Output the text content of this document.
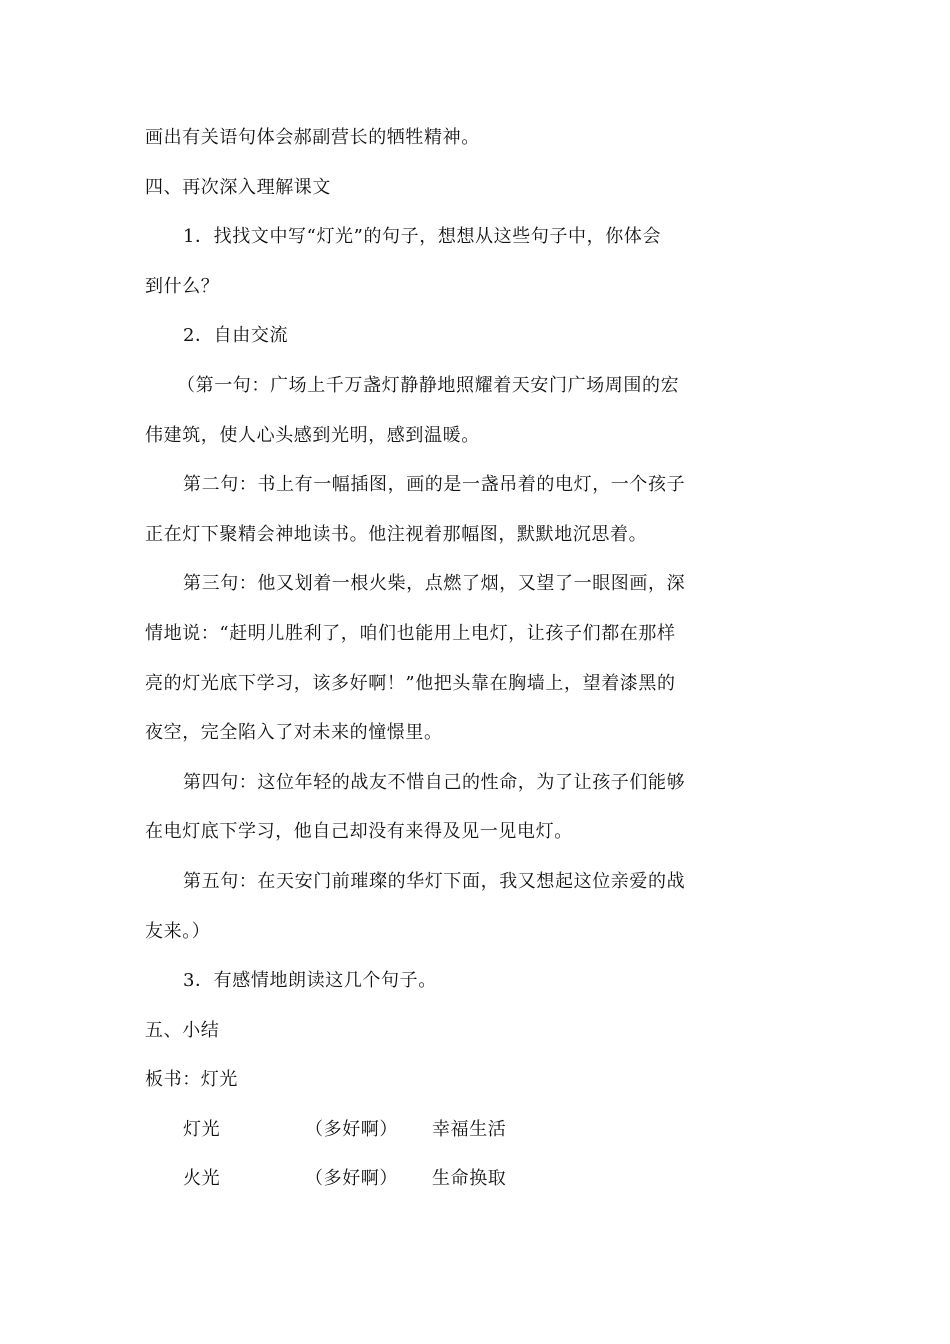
画出有关语句体会郝副营长的牺牲精神。
四、再次深入理解课文
1．找找文中写“灯光”的句子，想想从这些句子中，你体会
到什么？
2．自由交流
（第一句：广场上千万盏灯静静地照耀着天安门广场周围的宏
伟建筑，使人心头感到光明，感到温暖。
第二句：书上有一幅插图，画的是一盏吊着的电灯，一个孩子
正在灯下聚精会神地读书。他注视着那幅图，默默地沉思着。
第三句：他又划着一根火柴，点燃了烟，又望了一眼图画，深
情地说：“赶明儿胜利了，咱们也能用上电灯，让孩子们都在那样
亮的灯光底下学习，该多好啊！”他把头靠在胸墙上，望着漆黑的
夜空，完全陷入了对未来的憧憬里。
第四句：这位年轻的战友不惜自己的性命，为了让孩子们能够
在电灯底下学习，他自己却没有来得及见一见电灯。
第五句：在天安门前璀璨的华灯下面，我又想起这位亲爱的战
友来。）
3．有感情地朗读这几个句子。
五、小结
板书：灯光
灯光	（多好啊） 幸福生活
火光	（多好啊） 生命换取
